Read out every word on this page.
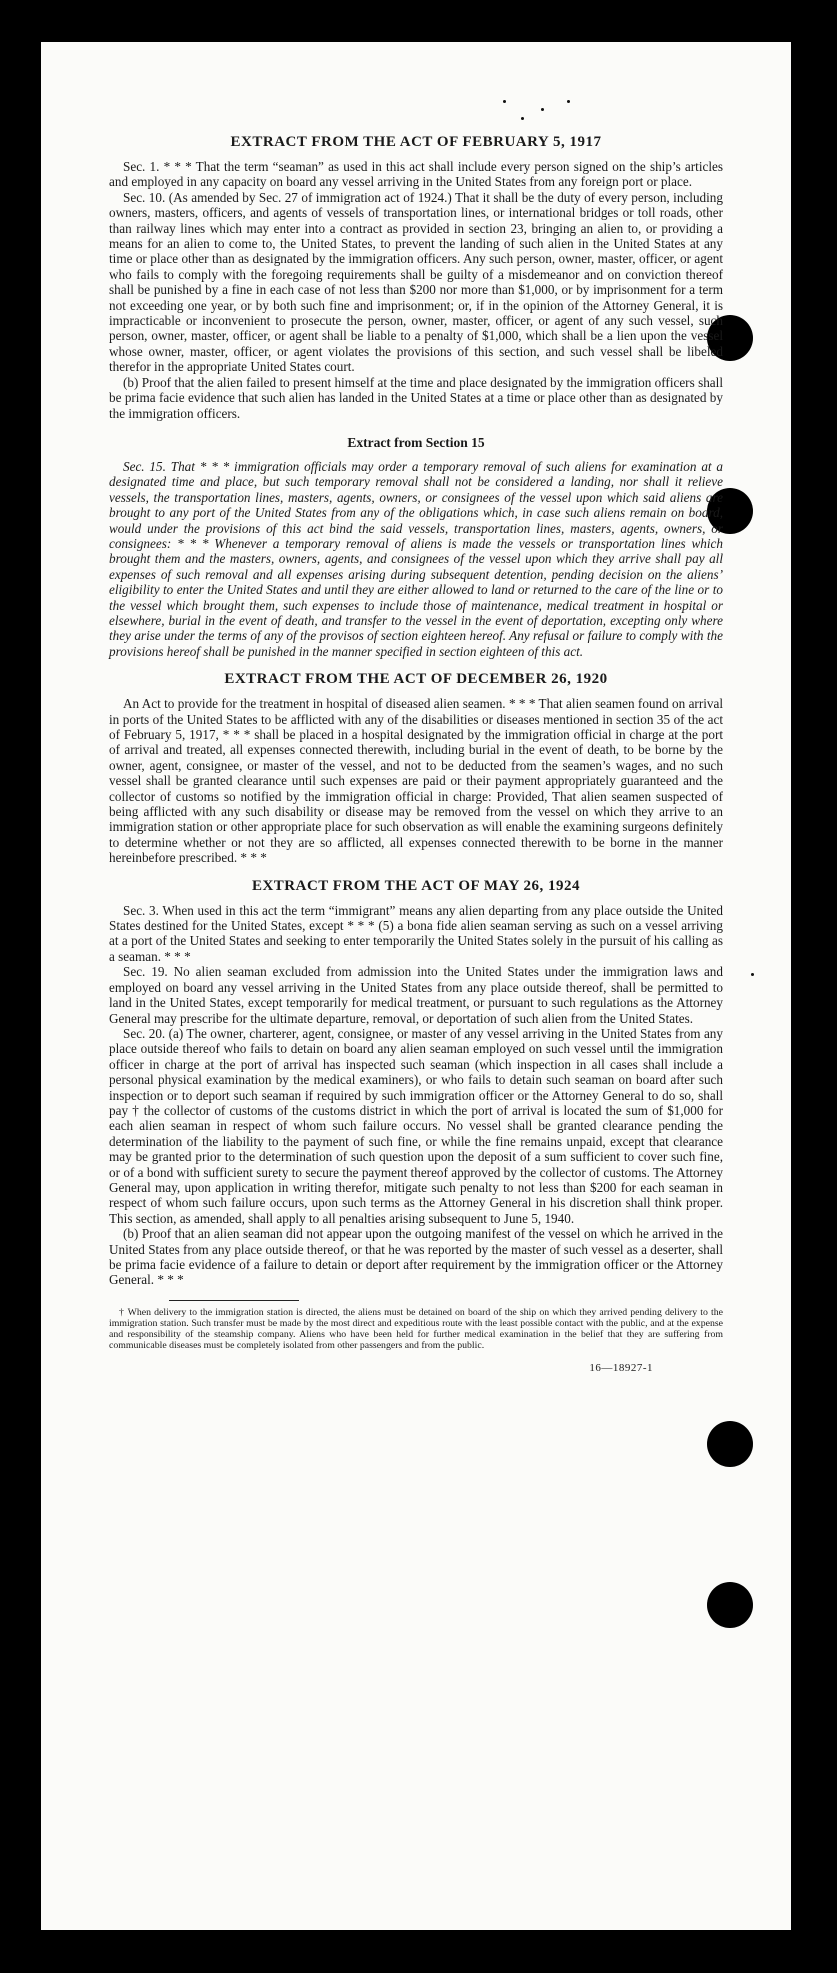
EXTRACT FROM THE ACT OF FEBRUARY 5, 1917

Sec. 1. * * * That the term “seaman” as used in this act shall include every person signed on the ship’s articles and employed in any capacity on board any vessel arriving in the United States from any foreign port or place.

Sec. 10. (As amended by Sec. 27 of immigration act of 1924.) That it shall be the duty of every person, including owners, masters, officers, and agents of vessels of transportation lines, or international bridges or toll roads, other than railway lines which may enter into a contract as provided in section 23, bringing an alien to, or providing a means for an alien to come to, the United States, to prevent the landing of such alien in the United States at any time or place other than as designated by the immigration officers. Any such person, owner, master, officer, or agent who fails to comply with the foregoing requirements shall be guilty of a misdemeanor and on conviction thereof shall be punished by a fine in each case of not less than $200 nor more than $1,000, or by imprisonment for a term not exceeding one year, or by both such fine and imprisonment; or, if in the opinion of the Attorney General, it is impracticable or inconvenient to prosecute the person, owner, master, officer, or agent of any such vessel, such person, owner, master, officer, or agent shall be liable to a penalty of $1,000, which shall be a lien upon the vessel whose owner, master, officer, or agent violates the provisions of this section, and such vessel shall be libeled therefor in the appropriate United States court.

(b) Proof that the alien failed to present himself at the time and place designated by the immigration officers shall be prima facie evidence that such alien has landed in the United States at a time or place other than as designated by the immigration officers.

Extract from Section 15

Sec. 15. That * * * immigration officials may order a temporary removal of such aliens for examination at a designated time and place, but such temporary removal shall not be considered a landing, nor shall it relieve vessels, the transportation lines, masters, agents, owners, or consignees of the vessel upon which said aliens are brought to any port of the United States from any of the obligations which, in case such aliens remain on board, would under the provisions of this act bind the said vessels, transportation lines, masters, agents, owners, or consignees: * * * Whenever a temporary removal of aliens is made the vessels or transportation lines which brought them and the masters, owners, agents, and consignees of the vessel upon which they arrive shall pay all expenses of such removal and all expenses arising during subsequent detention, pending decision on the aliens’ eligibility to enter the United States and until they are either allowed to land or returned to the care of the line or to the vessel which brought them, such expenses to include those of maintenance, medical treatment in hospital or elsewhere, burial in the event of death, and transfer to the vessel in the event of deportation, excepting only where they arise under the terms of any of the provisos of section eighteen hereof. Any refusal or failure to comply with the provisions hereof shall be punished in the manner specified in section eighteen of this act.

EXTRACT FROM THE ACT OF DECEMBER 26, 1920

An Act to provide for the treatment in hospital of diseased alien seamen. * * * That alien seamen found on arrival in ports of the United States to be afflicted with any of the disabilities or diseases mentioned in section 35 of the act of February 5, 1917, * * * shall be placed in a hospital designated by the immigration official in charge at the port of arrival and treated, all expenses connected therewith, including burial in the event of death, to be borne by the owner, agent, consignee, or master of the vessel, and not to be deducted from the seamen’s wages, and no such vessel shall be granted clearance until such expenses are paid or their payment appropriately guaranteed and the collector of customs so notified by the immigration official in charge: Provided, That alien seamen suspected of being afflicted with any such disability or disease may be removed from the vessel on which they arrive to an immigration station or other appropriate place for such observation as will enable the examining surgeons definitely to determine whether or not they are so afflicted, all expenses connected therewith to be borne in the manner hereinbefore prescribed. * * *

EXTRACT FROM THE ACT OF MAY 26, 1924

Sec. 3. When used in this act the term “immigrant” means any alien departing from any place outside the United States destined for the United States, except * * * (5) a bona fide alien seaman serving as such on a vessel arriving at a port of the United States and seeking to enter temporarily the United States solely in the pursuit of his calling as a seaman. * * *

Sec. 19. No alien seaman excluded from admission into the United States under the immigration laws and employed on board any vessel arriving in the United States from any place outside thereof, shall be permitted to land in the United States, except temporarily for medical treatment, or pursuant to such regulations as the Attorney General may prescribe for the ultimate departure, removal, or deportation of such alien from the United States.

Sec. 20. (a) The owner, charterer, agent, consignee, or master of any vessel arriving in the United States from any place outside thereof who fails to detain on board any alien seaman employed on such vessel until the immigration officer in charge at the port of arrival has inspected such seaman (which inspection in all cases shall include a personal physical examination by the medical examiners), or who fails to detain such seaman on board after such inspection or to deport such seaman if required by such immigration officer or the Attorney General to do so, shall pay † the collector of customs of the customs district in which the port of arrival is located the sum of $1,000 for each alien seaman in respect of whom such failure occurs. No vessel shall be granted clearance pending the determination of the liability to the payment of such fine, or while the fine remains unpaid, except that clearance may be granted prior to the determination of such question upon the deposit of a sum sufficient to cover such fine, or of a bond with sufficient surety to secure the payment thereof approved by the collector of customs. The Attorney General may, upon application in writing therefor, mitigate such penalty to not less than $200 for each seaman in respect of whom such failure occurs, upon such terms as the Attorney General in his discretion shall think proper. This section, as amended, shall apply to all penalties arising subsequent to June 5, 1940.

(b) Proof that an alien seaman did not appear upon the outgoing manifest of the vessel on which he arrived in the United States from any place outside thereof, or that he was reported by the master of such vessel as a deserter, shall be prima facie evidence of a failure to detain or deport after requirement by the immigration officer or the Attorney General. * * *

† When delivery to the immigration station is directed, the aliens must be detained on board of the ship on which they arrived pending delivery to the immigration station. Such transfer must be made by the most direct and expeditious route with the least possible contact with the public, and at the expense and responsibility of the steamship company. Aliens who have been held for further medical examination in the belief that they are suffering from communicable diseases must be completely isolated from other passengers and from the public.

16—18927-1
